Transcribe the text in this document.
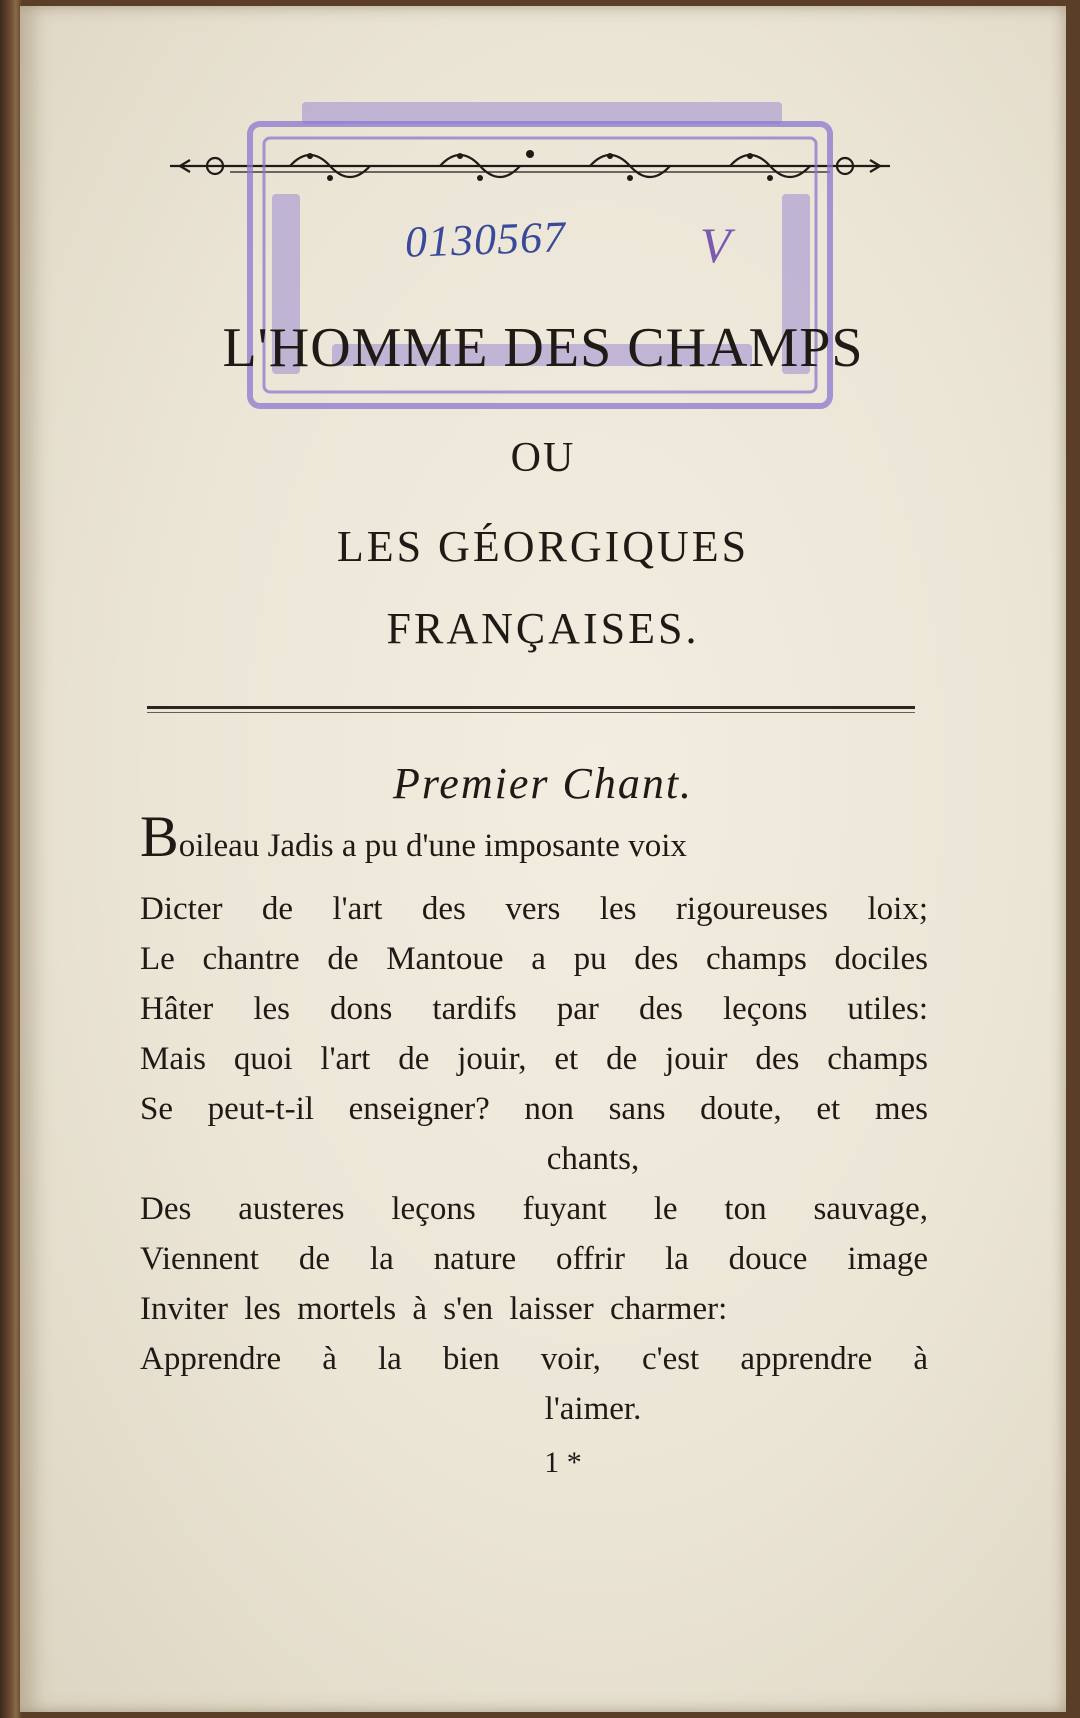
0130567	V
L'HOMME DES CHAMPS
OU
LES GÉORGIQUES
FRANÇAISES.
Premier Chant.
Boileau Jadis a pu d'une imposante voix
Dicter de l'art des vers les rigoureuses loix;
Le chantre de Mantoue a pu des champs dociles
Hâter les dons tardifs par des leçons utiles:
Mais quoi l'art de jouir, et de jouir des champs
Se peut-t-il enseigner? non sans doute, et mes
chants,
Des austeres leçons fuyant le ton sauvage,
Viennent de la nature offrir la douce image
Inviter les mortels à s'en laisser charmer:
Apprendre à la bien voir, c'est apprendre à
l'aimer.
1 *
